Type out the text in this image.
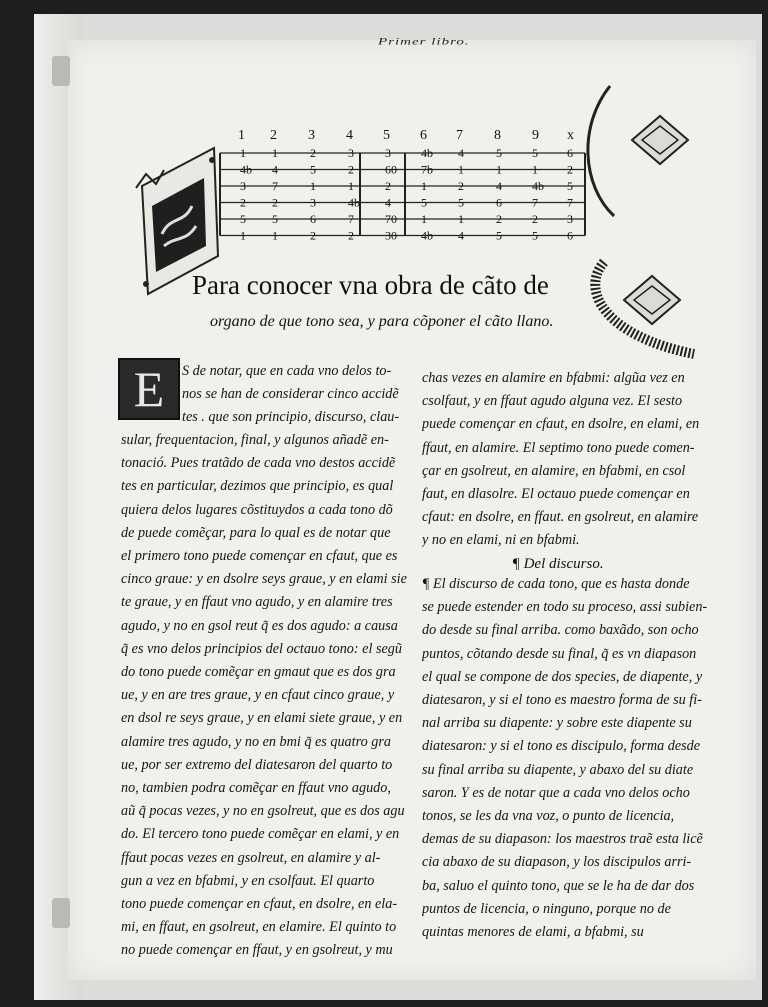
Primer libro.
1 2 3 4 5 6 7 8 9 x
1
4b
3
2
5
1
1
4
7
2
5
1
2
5
1
3
6
2
3
2
1
4b
7
2
3
60
2
4
70
30
4b
7b
1
5
1
4b
4
1
2
5
1
4
5
1
4
6
2
5
5
1
4b
7
2
5
6
2
5
7
3
6
Para conocer vna obra de cãto de
organo de que tono sea, y para cõponer el cãto llano.
E	S de notar, que en cada vno delos to-
nos se han de considerar cinco accidẽ
tes . que son principio, discurso, clau-
sular, frequentacion, final, y algunos añadẽ en-
tonació. Pues tratãdo de cada vno destos accidẽ
tes en particular, dezimos que principio, es qual
quiera delos lugares cõstituydos a cada tono dõ
de puede comẽçar, para lo qual es de notar que
el primero tono puede començar en cfaut, que es
cinco graue: y en dsolre seys graue, y en elami sie
te graue, y en ffaut vno agudo, y en alamire tres
agudo, y no en gsol reut q̃ es dos agudo: a causa
q̃ es vno delos principios del octauo tono: el segũ
do tono puede comẽçar en gmaut que es dos gra
ue, y en are tres graue, y en cfaut cinco graue, y
en dsol re seys graue, y en elami siete graue, y en
alamire tres agudo, y no en bmi q̃ es quatro gra
ue, por ser extremo del diatesaron del quarto to
no, tambien podra comẽçar en ffaut vno agudo,
aũ q̃ pocas vezes, y no en gsolreut, que es dos agu
do. El tercero tono puede comẽçar en elami, y en
ffaut pocas vezes en gsolreut, en alamire y al-
gun a vez en bfabmi, y en csolfaut. El quarto
tono puede començar en cfaut, en dsolre, en ela-
mi, en ffaut, en gsolreut, en elamire. El quinto to
no puede començar en ffaut, y en gsolreut, y mu
chas vezes en alamire en bfabmi: algũa vez en
csolfaut, y en ffaut agudo alguna vez. El sesto
puede començar en cfaut, en dsolre, en elami, en
ffaut, en alamire. El septimo tono puede comen-
çar en gsolreut, en alamire, en bfabmi, en csol
faut, en dlasolre. El octauo puede començar en
cfaut: en dsolre, en ffaut. en gsolreut, en alamire
y no en elami, ni en bfabmi.
¶ Del discurso.
¶ El discurso de cada tono, que es hasta donde
se puede estender en todo su proceso, assi subien-
do desde su final arriba. como baxãdo, son ocho
puntos, cõtando desde su final, q̃ es vn diapason
el qual se compone de dos species, de diapente, y
diatesaron, y si el tono es maestro forma de su fi-
nal arriba su diapente: y sobre este diapente su
diatesaron: y si el tono es discipulo, forma desde
su final arriba su diapente, y abaxo del su diate
saron. Y es de notar que a cada vno delos ocho
tonos, se les da vna voz, o punto de licencia,
demas de su diapason: los maestros traẽ esta licẽ
cia abaxo de su diapason, y los discipulos arri-
ba, saluo el quinto tono, que se le ha de dar dos
puntos de licencia, o ninguno, porque no de
quintas menores de elami, a bfabmi, su
